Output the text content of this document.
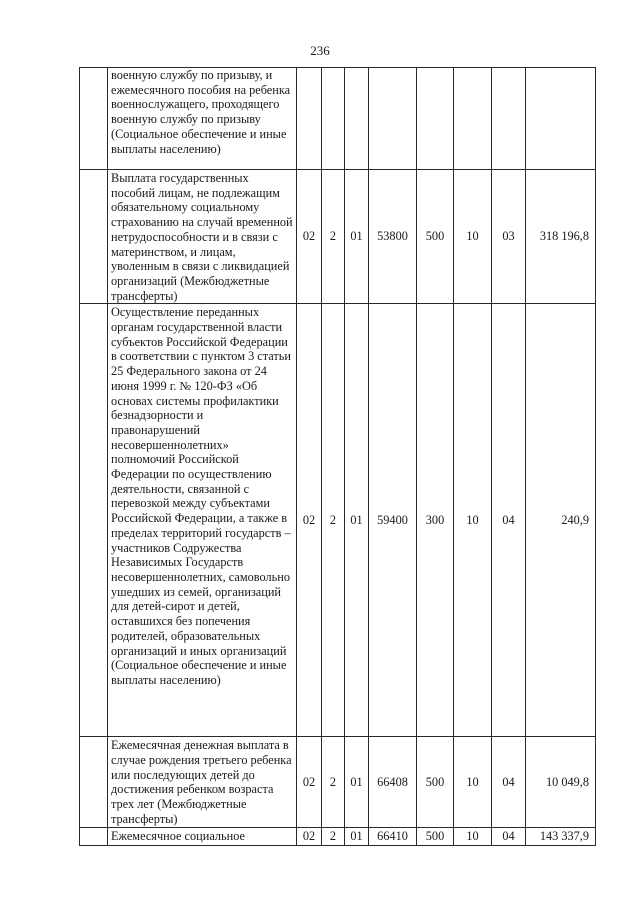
236
	военную службу по призыву, и ежемесячного пособия на ребенка военнослужащего, проходящего военную службу по призыву (Социальное обеспечение и иные выплаты населению)								
	Выплата государственных пособий лицам, не подлежащим обязательному социальному страхованию на случай временной нетрудоспособности и в связи с материнством, и лицам, уволенным в связи с ликвидацией организаций (Межбюджетные трансферты)	02	2	01	53800	500	10	03	318 196,8
	Осуществление переданных органам государственной власти субъектов Российской Федерации в соответствии с пунктом 3 статьи 25 Федерального закона от 24 июня 1999 г. № 120-ФЗ «Об основах системы профилактики безнадзорности и правонарушений несовершеннолетних» полномочий Российской Федерации по осуществлению деятельности, связанной с перевозкой между субъектами Российской Федерации, а также в пределах территорий государств – участников Содружества Независимых Государств несовершеннолетних, самовольно ушедших из семей, организаций для детей-сирот и детей, оставшихся без попечения родителей, образовательных организаций и иных организаций (Социальное обеспечение и иные выплаты населению)	02	2	01	59400	300	10	04	240,9
	Ежемесячная денежная выплата в случае рождения третьего ребенка или последующих детей до достижения ребенком возраста трех лет (Межбюджетные трансферты)	02	2	01	66408	500	10	04	10 049,8
	Ежемесячное социальное	02	2	01	66410	500	10	04	143 337,9
